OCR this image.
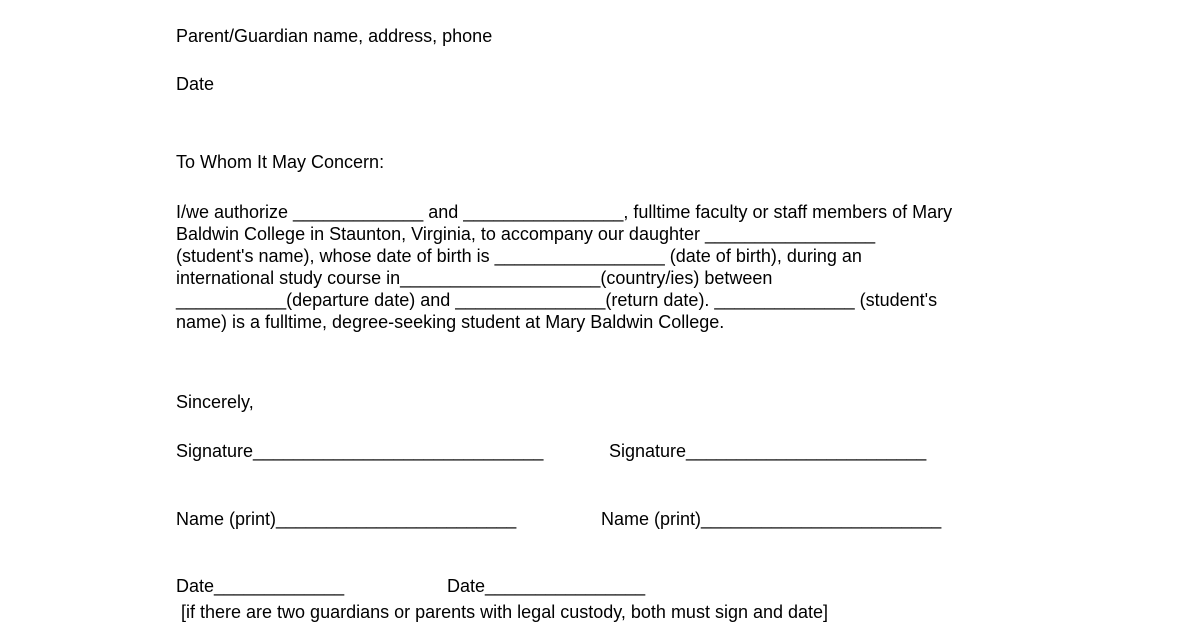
Parent/Guardian name, address, phone
Date
To Whom It May Concern:
I/we authorize _____________ and ________________, fulltime faculty or staff members of Mary
Baldwin College in Staunton, Virginia, to accompany our daughter _________________
(student's name), whose date of birth is _________________ (date of birth), during an
international study course in____________________(country/ies) between
___________(departure date) and _______________(return date). ______________ (student's
name) is a fulltime, degree-seeking student at Mary Baldwin College.
Sincerely,
Signature_____________________________	Signature________________________
Name (print)________________________	Name (print)________________________
Date_____________	Date________________
[if there are two guardians or parents with legal custody, both must sign and date]
